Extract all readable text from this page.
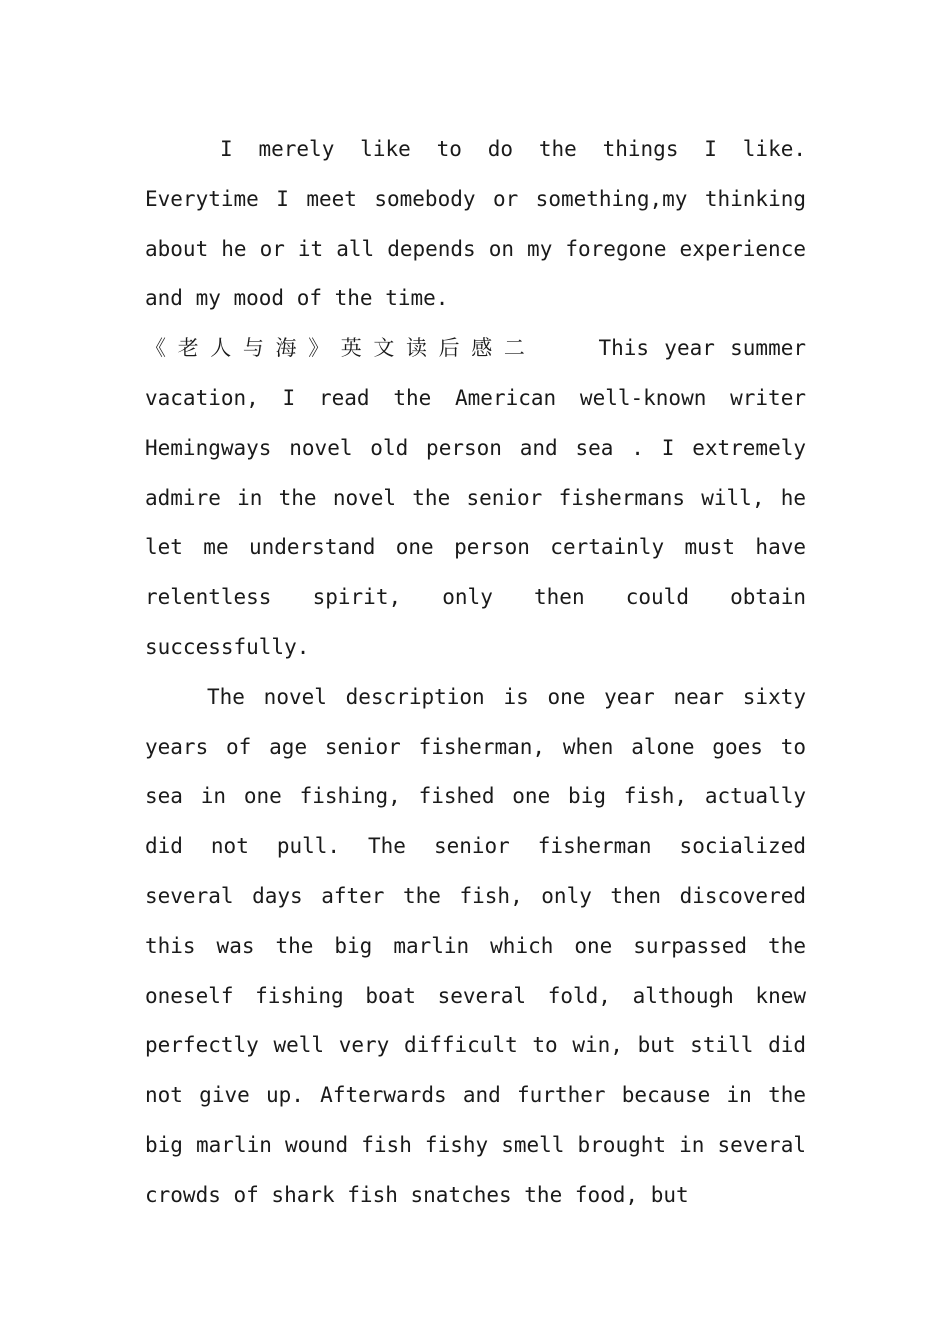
I merely like to do the things I like. Everytime I meet somebody or something,my thinking about he or it all depends on my foregone experience and my mood of the time.

《老人与海》英文读后感二	This year summer vacation, I read the American well-known writer Hemingways novel old person and sea . I extremely admire in the novel the senior fishermans will, he let me understand one person certainly must have relentless spirit, only then could obtain successfully.

The novel description is one year near sixty years of age senior fisherman, when alone goes to sea in one fishing, fished one big fish, actually did not pull. The senior fisherman socialized several days after the fish, only then discovered this was the big marlin which one surpassed the oneself fishing boat several fold, although knew perfectly well very difficult to win, but still did not give up. Afterwards and further because in the big marlin wound fish fishy smell brought in several crowds of shark fish snatches the food, but
